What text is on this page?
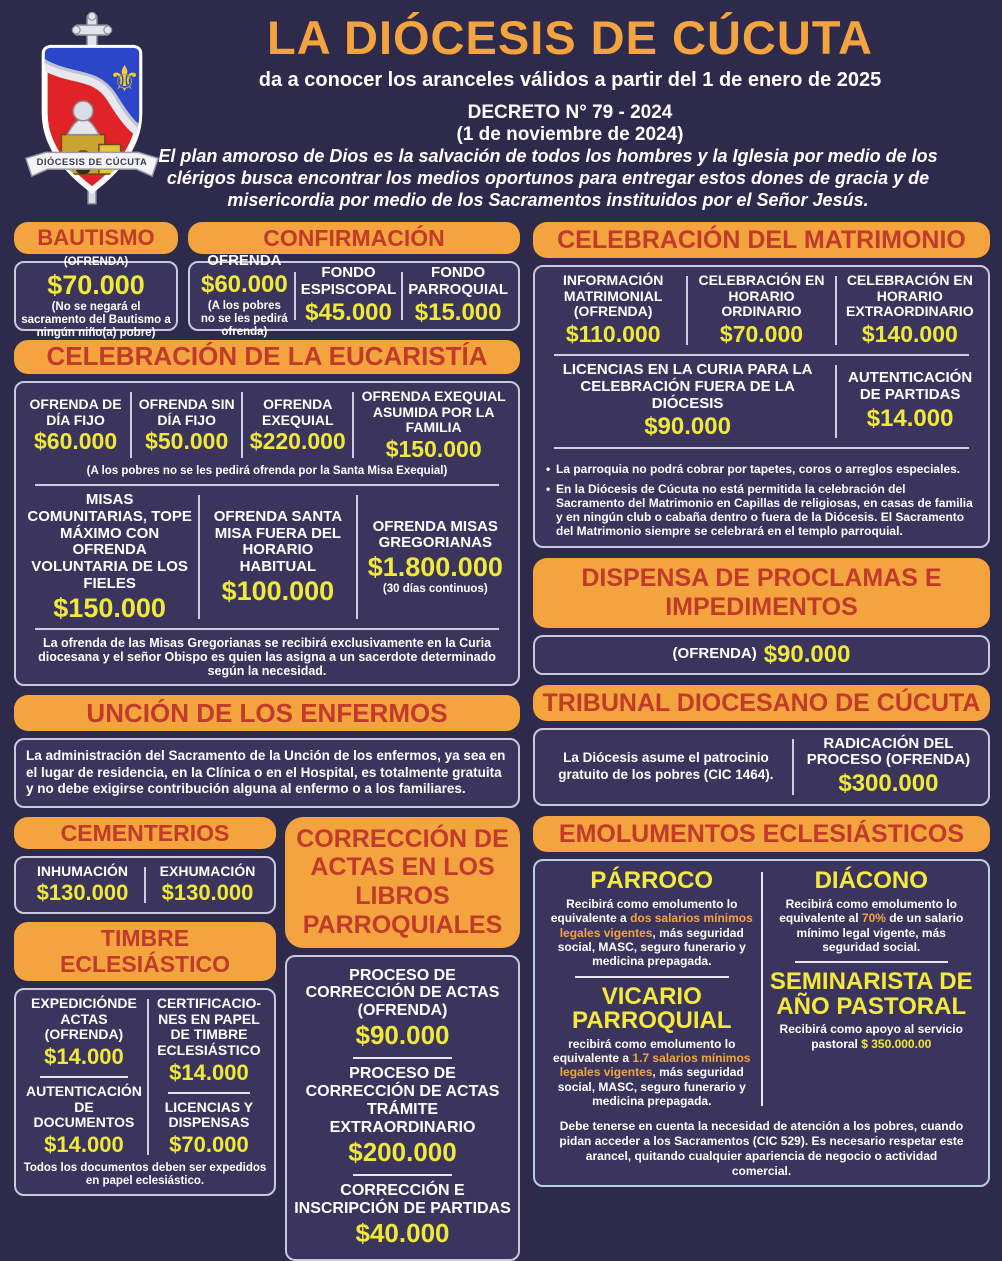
⚜
DIÓCESIS DE CÚCUTA
LA DIÓCESIS DE CÚCUTA
da a conocer los aranceles válidos a partir del 1 de enero de 2025
DECRETO N° 79 - 2024
(1 de noviembre de 2024)
El plan amoroso de Dios es la salvación de todos los hombres y la Iglesia por medio de los clérigos busca encontrar los medios oportunos para entregar estos dones de gracia y de misericordia por medio de los Sacramentos instituidos por el Señor Jesús.
BAUTISMO
(OFRENDA) $70.000
(No se negará el sacramento del Bautismo a ningún niño(a) pobre)
CONFIRMACIÓN
OFRENDA
$60.000
(A los pobres no se les pedirá ofrenda)
FONDO ESPISCOPAL
$45.000
FONDO PARROQUIAL
$15.000
CELEBRACIÓN DE LA EUCARISTÍA
OFRENDA DE DÍA FIJO
$60.000
OFRENDA SIN DÍA FIJO
$50.000
OFRENDA EXEQUIAL
$220.000
OFRENDA EXEQUIAL ASUMIDA POR LA FAMILIA
$150.000
(A los pobres no se les pedirá ofrenda por la Santa Misa Exequial)
MISAS COMUNITARIAS, TOPE MÁXIMO CON OFRENDA VOLUNTARIA DE LOS FIELES
$150.000
OFRENDA SANTA MISA FUERA DEL HORARIO HABITUAL
$100.000
OFRENDA MISAS GREGORIANAS
$1.800.000
(30 días continuos)
La ofrenda de las Misas Gregorianas se recibirá exclusivamente en la Curia diocesana y el señor Obispo es quien las asigna a un sacerdote determinado según la necesidad.
UNCIÓN DE LOS ENFERMOS
La administración del Sacramento de la Unción de los enfermos, ya sea en el lugar de residencia, en la Clínica o en el Hospital, es totalmente gratuita y no debe exigirse contribución alguna al enfermo o a los familiares.
CEMENTERIOS
INHUMACIÓN
$130.000
EXHUMACIÓN
$130.000
TIMBRE ECLESIÁSTICO
EXPEDICIÓNDE ACTAS (OFRENDA)
$14.000
AUTENTICACIÓN DE DOCUMENTOS
$14.000
CERTIFICACIO-NES EN PAPEL DE TIMBRE ECLESIÁSTICO
$14.000
LICENCIAS Y DISPENSAS
$70.000
Todos los documentos deben ser expedidos en papel eclesiástico.
CORRECCIÓN DE ACTAS EN LOS LIBROS PARROQUIALES
PROCESO DE CORRECCIÓN DE ACTAS (OFRENDA)
$90.000
PROCESO DE CORRECCIÓN DE ACTAS TRÁMITE EXTRAORDINARIO
$200.000
CORRECCIÓN E INSCRIPCIÓN DE PARTIDAS
$40.000
CELEBRACIÓN DEL MATRIMONIO
INFORMACIÓN MATRIMONIAL (OFRENDA)
$110.000
CELEBRACIÓN EN HORARIO ORDINARIO
$70.000
CELEBRACIÓN EN HORARIO EXTRAORDINARIO
$140.000
LICENCIAS EN LA CURIA PARA LA CELEBRACIÓN FUERA DE LA DIÓCESIS
$90.000
AUTENTICACIÓN DE PARTIDAS
$14.000
• La parroquia no podrá cobrar por tapetes, coros o arreglos especiales.
• En la Diócesis de Cúcuta no está permitida la celebración del Sacramento del Matrimonio en Capillas de religiosas, en casas de familia y en ningún club o cabaña dentro o fuera de la Diócesis. El Sacramento del Matrimonio siempre se celebrará en el templo parroquial.
DISPENSA DE PROCLAMAS E IMPEDIMENTOS
(OFRENDA) $90.000
TRIBUNAL DIOCESANO DE CÚCUTA
La Diócesis asume el patrocinio gratuito de los pobres (CIC 1464).
RADICACIÓN DEL PROCESO (OFRENDA)
$300.000
EMOLUMENTOS ECLESIÁSTICOS
PÁRROCO
Recibirá como emolumento lo equivalente a dos salarios mínimos legales vigentes, más seguridad social, MASC, seguro funerario y medicina prepagada.
VICARIO PARROQUIAL
recibirá como emolumento lo equivalente a 1.7 salarios mínimos legales vigentes, más seguridad social, MASC, seguro funerario y medicina prepagada.
DIÁCONO
Recibirá como emolumento lo equivalente al 70% de un salario mínimo legal vigente, más seguridad social.
SEMINARISTA DE AÑO PASTORAL
Recibirá como apoyo al servicio pastoral $ 350.000.00
Debe tenerse en cuenta la necesidad de atención a los pobres, cuando pidan acceder a los Sacramentos (CIC 529). Es necesario respetar este arancel, quitando cualquier apariencia de negocio o actividad comercial.
